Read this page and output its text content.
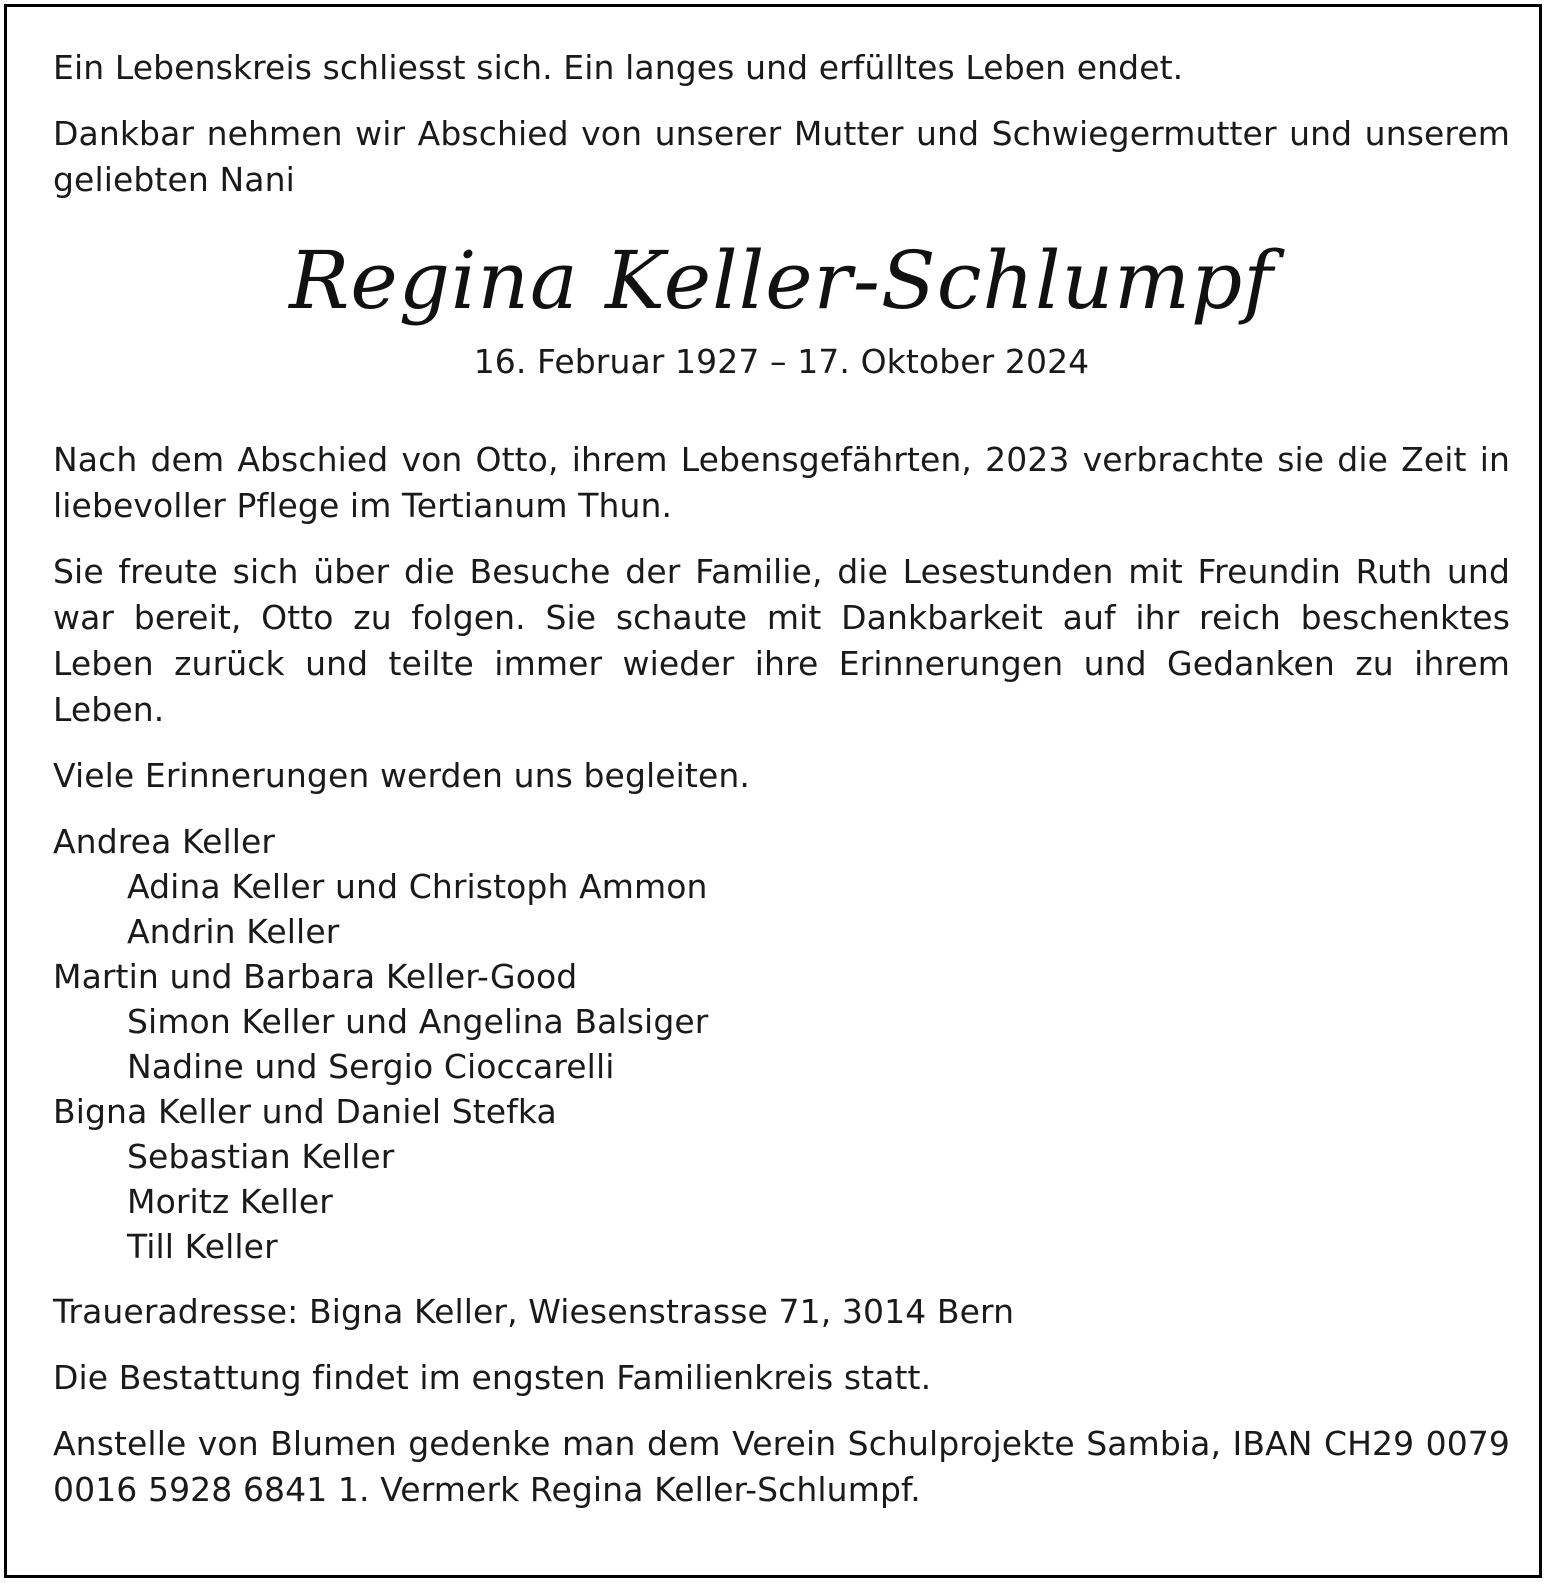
Ein Lebenskreis schliesst sich. Ein langes und erfülltes Leben endet.

Dankbar nehmen wir Abschied von unserer Mutter und Schwiegermutter und unserem geliebten Nani

Regina Keller-Schlumpf
16. Februar 1927 – 17. Oktober 2024

Nach dem Abschied von Otto, ihrem Lebensgefährten, 2023 verbrachte sie die Zeit in liebevoller Pflege im Tertianum Thun.

Sie freute sich über die Besuche der Familie, die Lesestunden mit Freundin Ruth und war bereit, Otto zu folgen. Sie schaute mit Dankbarkeit auf ihr reich beschenktes Leben zurück und teilte immer wieder ihre Erinnerungen und Gedanken zu ihrem Leben.

Viele Erinnerungen werden uns begleiten.

Andrea Keller
Adina Keller und Christoph Ammon
Andrin Keller
Martin und Barbara Keller-Good
Simon Keller und Angelina Balsiger
Nadine und Sergio Cioccarelli
Bigna Keller und Daniel Stefka
Sebastian Keller
Moritz Keller
Till Keller

Traueradresse: Bigna Keller, Wiesenstrasse 71, 3014 Bern

Die Bestattung findet im engsten Familienkreis statt.

Anstelle von Blumen gedenke man dem Verein Schulprojekte Sambia, IBAN CH29 0079 0016 5928 6841 1. Vermerk Regina Keller-Schlumpf.
